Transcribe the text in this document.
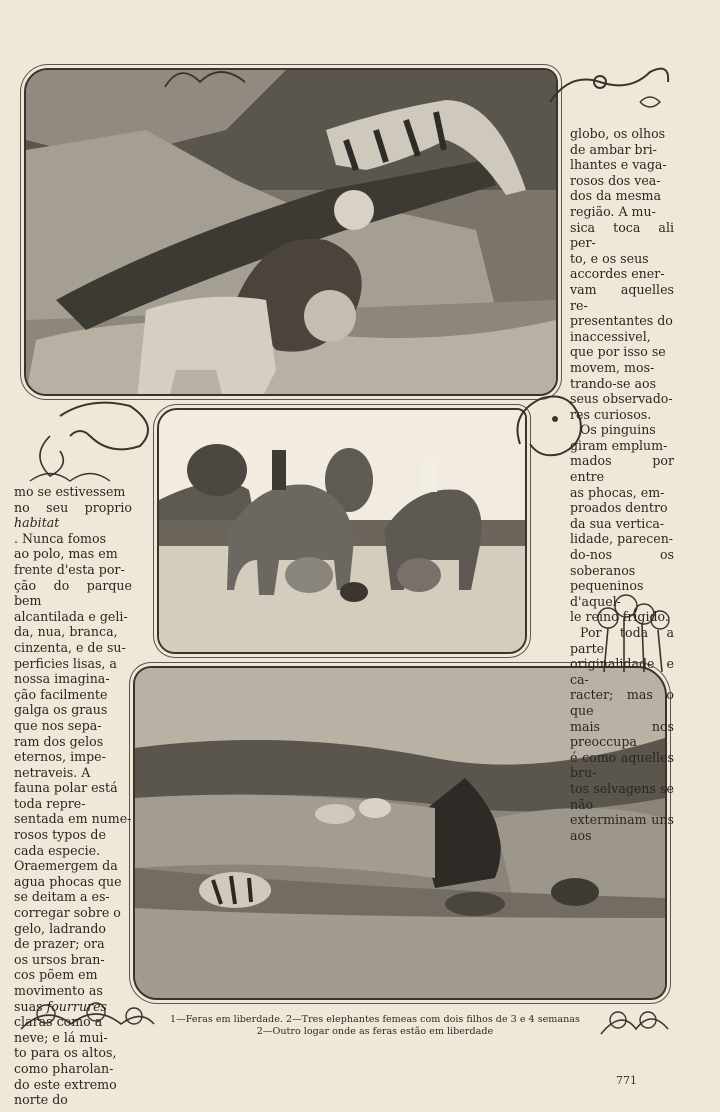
mo se estivessem

no seu proprio habitat

. Nunca fomos

ao polo, mas em

frente d'esta por-

ção do parque bem

alcantilada e geli-

da, nua, branca,

cinzenta, e de su-

perficies lisas, a

nossa imagina-

ção facilmente

galga os graus

que nos sepa-

ram dos gelos

eternos, impe-

netraveis. A

fauna polar está

toda repre-

sentada em nume-

rosos typos de

cada especie.

Oraemergem da

agua phocas que

se deitam a es-

corregar sobre o

gelo, ladrando

de prazer; ora

os ursos bran-

cos põem em

movimento as

suas fourrures

claras como a

neve; e lá mui-

to para os altos,

como pharolan-

do este extremo

norte do

globo, os olhos

de ambar bri-

lhantes e vaga-

rosos dos vea-

dos da mesma

região. A mu-

sica toca ali per-

to, e os seus

accordes ener-

vam aquelles re-

presentantes do

inaccessivel,

que por isso se

movem, mos-

trando-se aos

seus observado-

res curiosos.

Os pinguins

giram emplum-

mados por entre

as phocas, em-

proados dentro

da sua vertica-

lidade, parecen-

do-nos os soberanos

pequeninos d'aquel-

le reino frigido.

Por toda a parte

originalidade e ca-

racter; mas o que

mais nos preoccupa

é como aquelles bru-

tos selvagens se não

exterminam uns aos

1—Feras em liberdade. 2—Tres elephantes femeas com dois filhos de 3 e 4 semanas
2—Outro logar onde as feras estão em liberdade
771
